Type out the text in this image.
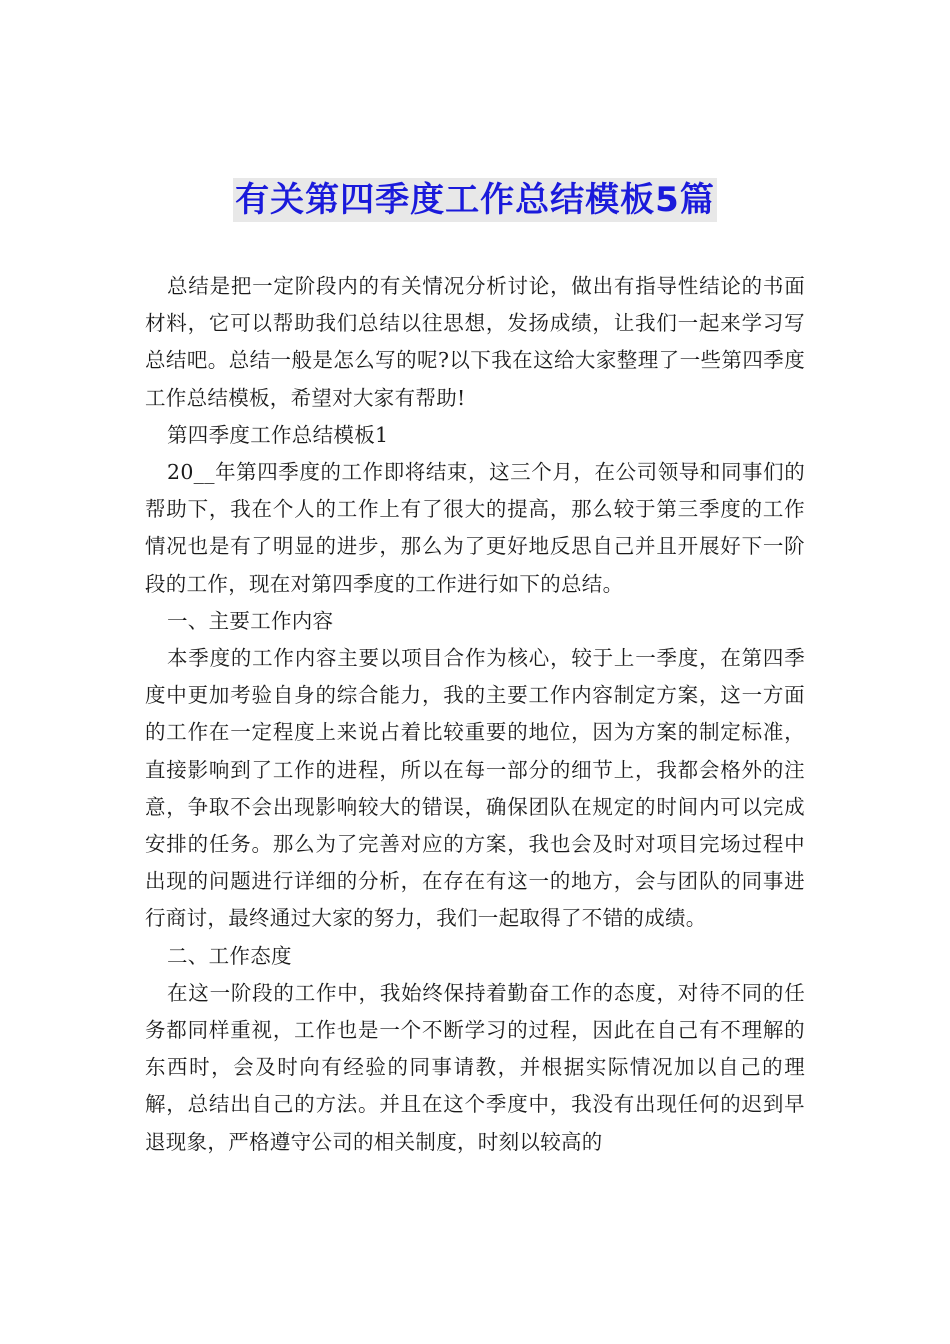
有关第四季度工作总结模板5篇

总结是把一定阶段内的有关情况分析讨论，做出有指导性结论的书面材料，它可以帮助我们总结以往思想，发扬成绩，让我们一起来学习写总结吧。总结一般是怎么写的呢?以下我在这给大家整理了一些第四季度工作总结模板，希望对大家有帮助!

第四季度工作总结模板1

20__年第四季度的工作即将结束，这三个月，在公司领导和同事们的帮助下，我在个人的工作上有了很大的提高，那么较于第三季度的工作情况也是有了明显的进步，那么为了更好地反思自己并且开展好下一阶段的工作，现在对第四季度的工作进行如下的总结。

一、主要工作内容

本季度的工作内容主要以项目合作为核心，较于上一季度，在第四季度中更加考验自身的综合能力，我的主要工作内容制定方案，这一方面的工作在一定程度上来说占着比较重要的地位，因为方案的制定标准，直接影响到了工作的进程，所以在每一部分的细节上，我都会格外的注意，争取不会出现影响较大的错误，确保团队在规定的时间内可以完成安排的任务。那么为了完善对应的方案，我也会及时对项目完场过程中出现的问题进行详细的分析，在存在有这一的地方，会与团队的同事进行商讨，最终通过大家的努力，我们一起取得了不错的成绩。

二、工作态度

在这一阶段的工作中，我始终保持着勤奋工作的态度，对待不同的任务都同样重视，工作也是一个不断学习的过程，因此在自己有不理解的东西时，会及时向有经验的同事请教，并根据实际情况加以自己的理解，总结出自己的方法。并且在这个季度中，我没有出现任何的迟到早退现象，严格遵守公司的相关制度，时刻以较高的
